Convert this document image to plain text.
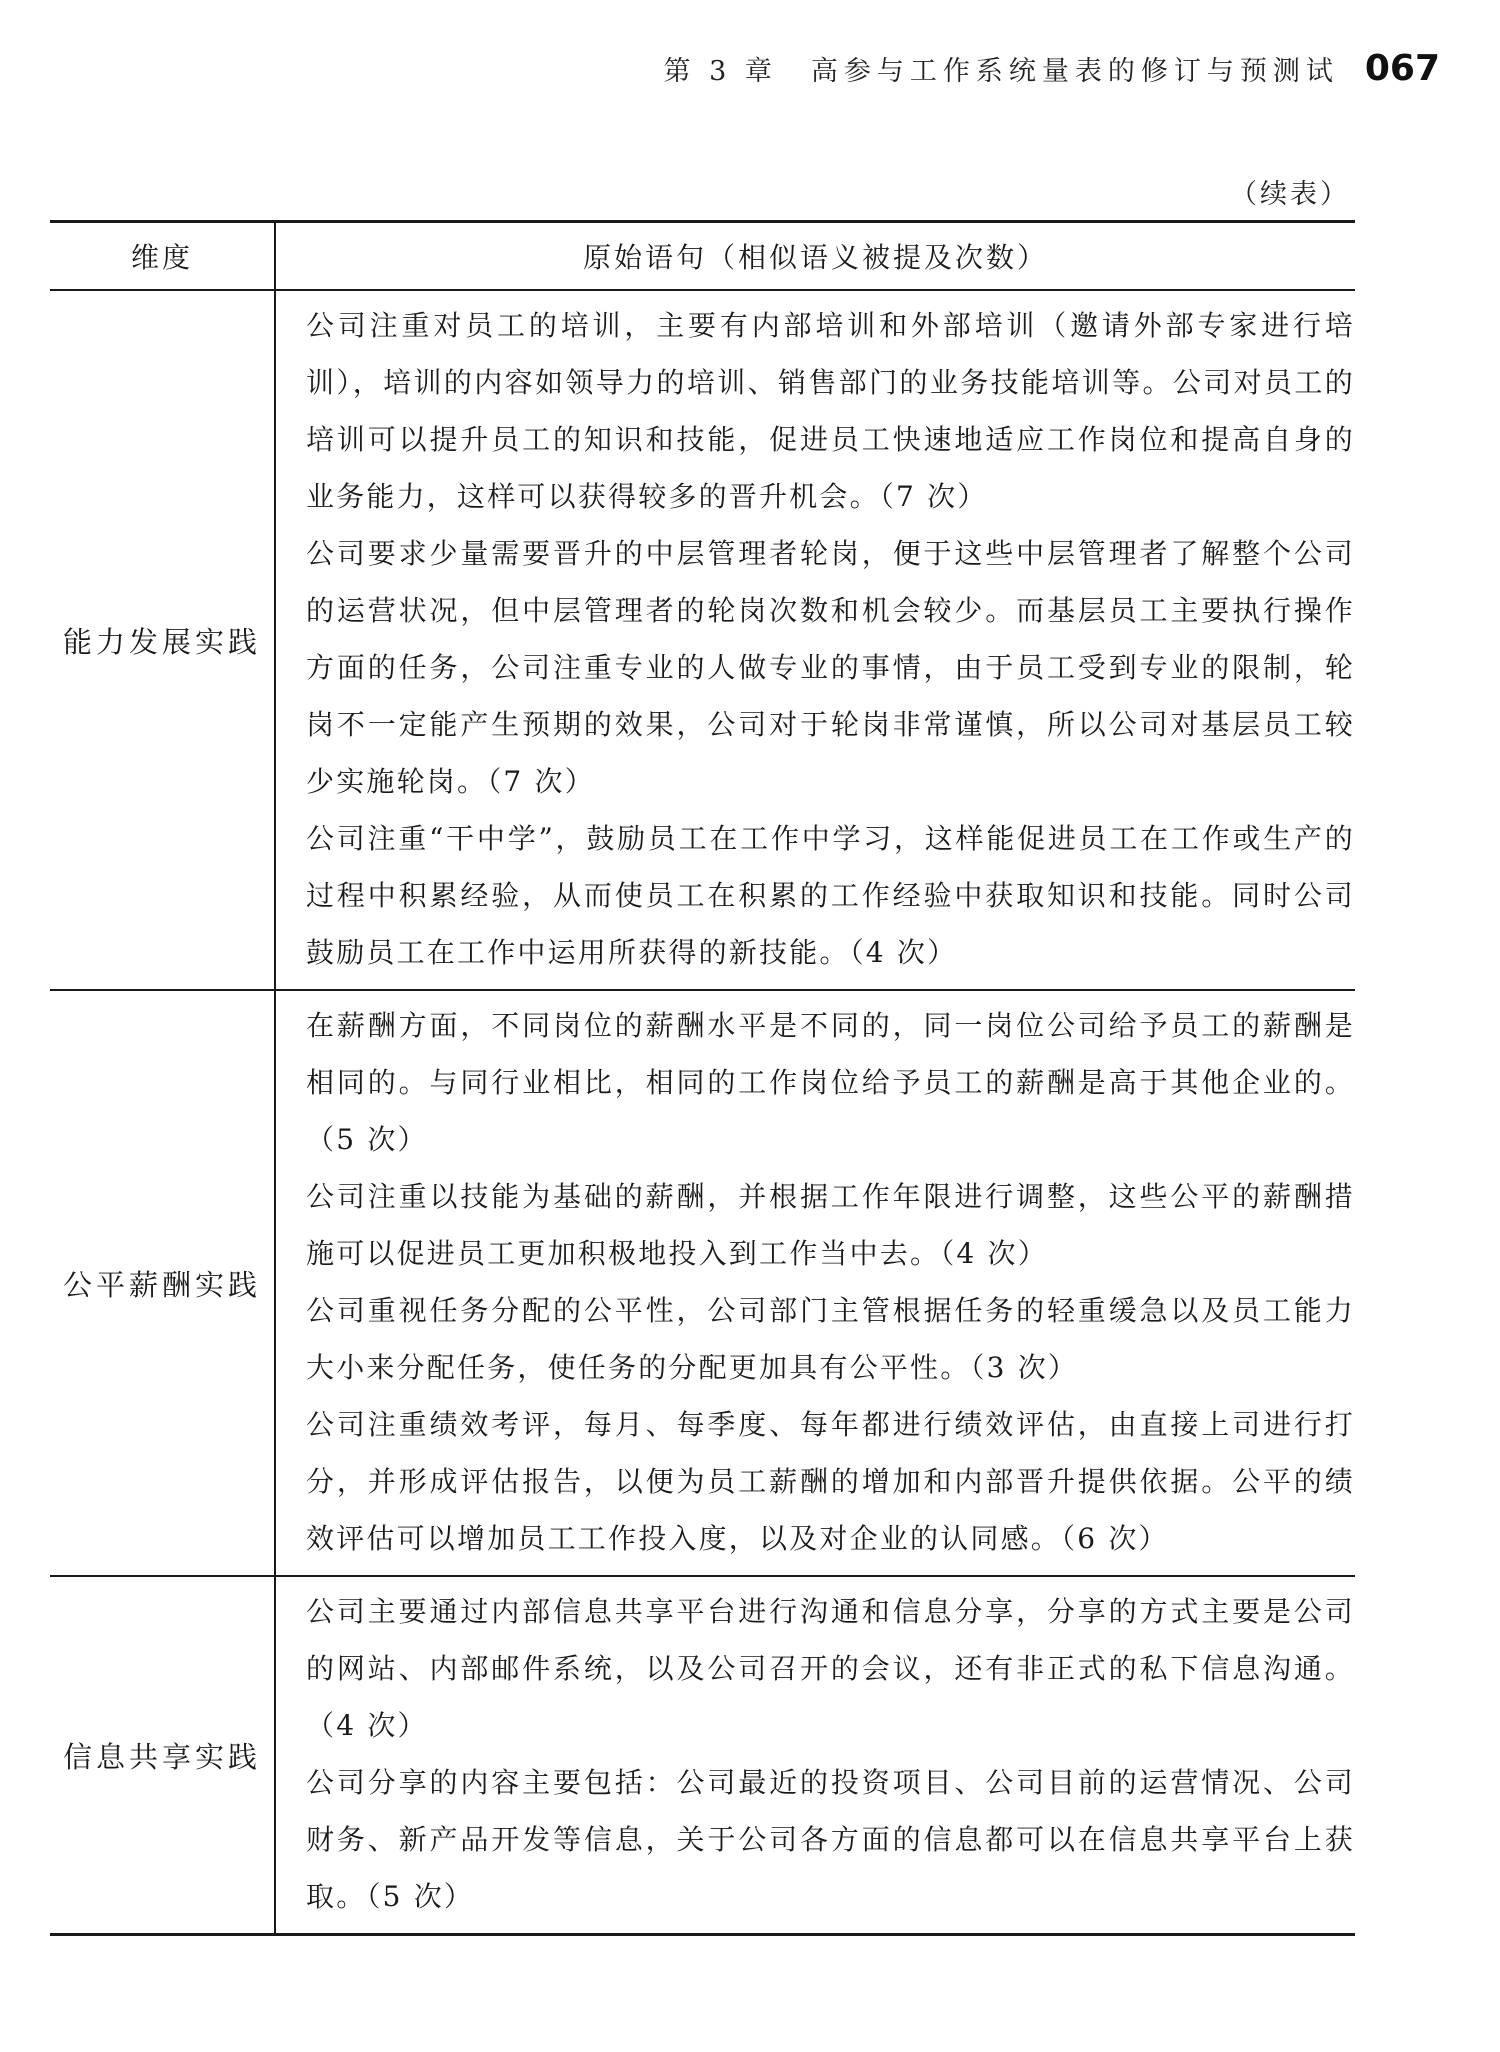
第 3 章 高参与工作系统量表的修订与预测试 067
（续表）
维度	原始语句（相似语义被提及次数）
能力发展实践	公司注重对员工的培训，主要有内部培训和外部培训（邀请外部专家进行培训），培训的内容如领导力的培训、销售部门的业务技能培训等。公司对员工的培训可以提升员工的知识和技能，促进员工快速地适应工作岗位和提高自身的业务能力，这样可以获得较多的晋升机会。（7 次）

公司要求少量需要晋升的中层管理者轮岗，便于这些中层管理者了解整个公司的运营状况，但中层管理者的轮岗次数和机会较少。而基层员工主要执行操作方面的任务，公司注重专业的人做专业的事情，由于员工受到专业的限制，轮岗不一定能产生预期的效果，公司对于轮岗非常谨慎，所以公司对基层员工较少实施轮岗。（7 次）

公司注重“干中学”，鼓励员工在工作中学习，这样能促进员工在工作或生产的过程中积累经验，从而使员工在积累的工作经验中获取知识和技能。同时公司鼓励员工在工作中运用所获得的新技能。（4 次）

公平薪酬实践	在薪酬方面，不同岗位的薪酬水平是不同的，同一岗位公司给予员工的薪酬是相同的。与同行业相比，相同的工作岗位给予员工的薪酬是高于其他企业的。（5 次）

公司注重以技能为基础的薪酬，并根据工作年限进行调整，这些公平的薪酬措施可以促进员工更加积极地投入到工作当中去。（4 次）

公司重视任务分配的公平性，公司部门主管根据任务的轻重缓急以及员工能力大小来分配任务，使任务的分配更加具有公平性。（3 次）

公司注重绩效考评，每月、每季度、每年都进行绩效评估，由直接上司进行打分，并形成评估报告，以便为员工薪酬的增加和内部晋升提供依据。公平的绩效评估可以增加员工工作投入度，以及对企业的认同感。（6 次）

信息共享实践	公司主要通过内部信息共享平台进行沟通和信息分享，分享的方式主要是公司的网站、内部邮件系统，以及公司召开的会议，还有非正式的私下信息沟通。（4 次）

公司分享的内容主要包括：公司最近的投资项目、公司目前的运营情况、公司财务、新产品开发等信息，关于公司各方面的信息都可以在信息共享平台上获取。（5 次）
